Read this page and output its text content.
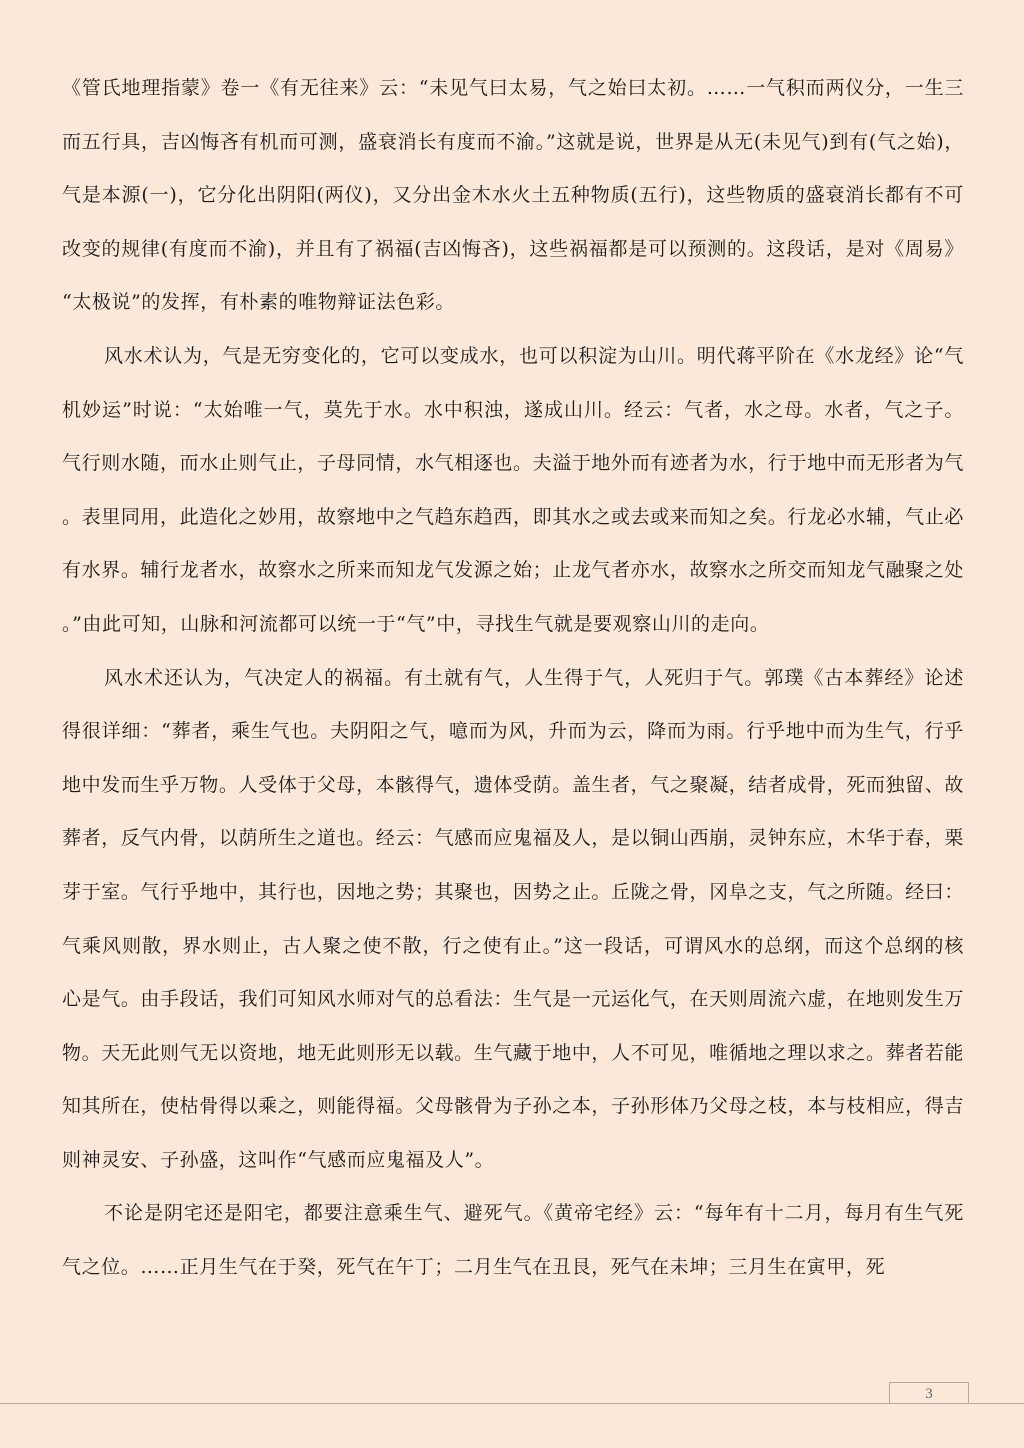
《管氏地理指蒙》卷一《有无往来》云：“未见气曰太易，气之始曰太初。……一气积而两仪分，一生三而五行具，吉凶悔吝有机而可测，盛衰消长有度而不渝。”这就是说，世界是从无(未见气)到有(气之始)，气是本源(一)，它分化出阴阳(两仪)，又分出金木水火土五种物质(五行)，这些物质的盛衰消长都有不可改变的规律(有度而不渝)，并且有了祸福(吉凶悔吝)，这些祸福都是可以预测的。这段话，是对《周易》“太极说”的发挥，有朴素的唯物辩证法色彩。

风水术认为，气是无穷变化的，它可以变成水，也可以积淀为山川。明代蒋平阶在《水龙经》论“气机妙运”时说：“太始唯一气，莫先于水。水中积浊，遂成山川。经云：气者，水之母。水者，气之子。气行则水随，而水止则气止，子母同情，水气相逐也。夫溢于地外而有迹者为水，行于地中而无形者为气。表里同用，此造化之妙用，故察地中之气趋东趋西，即其水之或去或来而知之矣。行龙必水辅，气止必有水界。辅行龙者水，故察水之所来而知龙气发源之始；止龙气者亦水，故察水之所交而知龙气融聚之处。”由此可知，山脉和河流都可以统一于“气”中，寻找生气就是要观察山川的走向。

风水术还认为，气决定人的祸福。有土就有气，人生得于气，人死归于气。郭璞《古本葬经》论述得很详细：“葬者，乘生气也。夫阴阳之气，噫而为风，升而为云，降而为雨。行乎地中而为生气，行乎地中发而生乎万物。人受体于父母，本骸得气，遗体受荫。盖生者，气之聚凝，结者成骨，死而独留、故葬者，反气内骨，以荫所生之道也。经云：气感而应鬼福及人，是以铜山西崩，灵钟东应，木华于春，栗芽于室。气行乎地中，其行也，因地之势；其聚也，因势之止。丘陇之骨，冈阜之支，气之所随。经曰：气乘风则散，界水则止，古人聚之使不散，行之使有止。”这一段话，可谓风水的总纲，而这个总纲的核心是气。由手段话，我们可知风水师对气的总看法：生气是一元运化气，在天则周流六虚，在地则发生万物。天无此则气无以资地，地无此则形无以载。生气藏于地中，人不可见，唯循地之理以求之。葬者若能知其所在，使枯骨得以乘之，则能得福。父母骸骨为子孙之本，子孙形体乃父母之枝，本与枝相应，得吉则神灵安、子孙盛，这叫作“气感而应鬼福及人”。

不论是阴宅还是阳宅，都要注意乘生气、避死气。《黄帝宅经》云：“每年有十二月，每月有生气死气之位。……正月生气在于癸，死气在午丁；二月生气在丑艮，死气在未坤；三月生在寅甲，死

3
